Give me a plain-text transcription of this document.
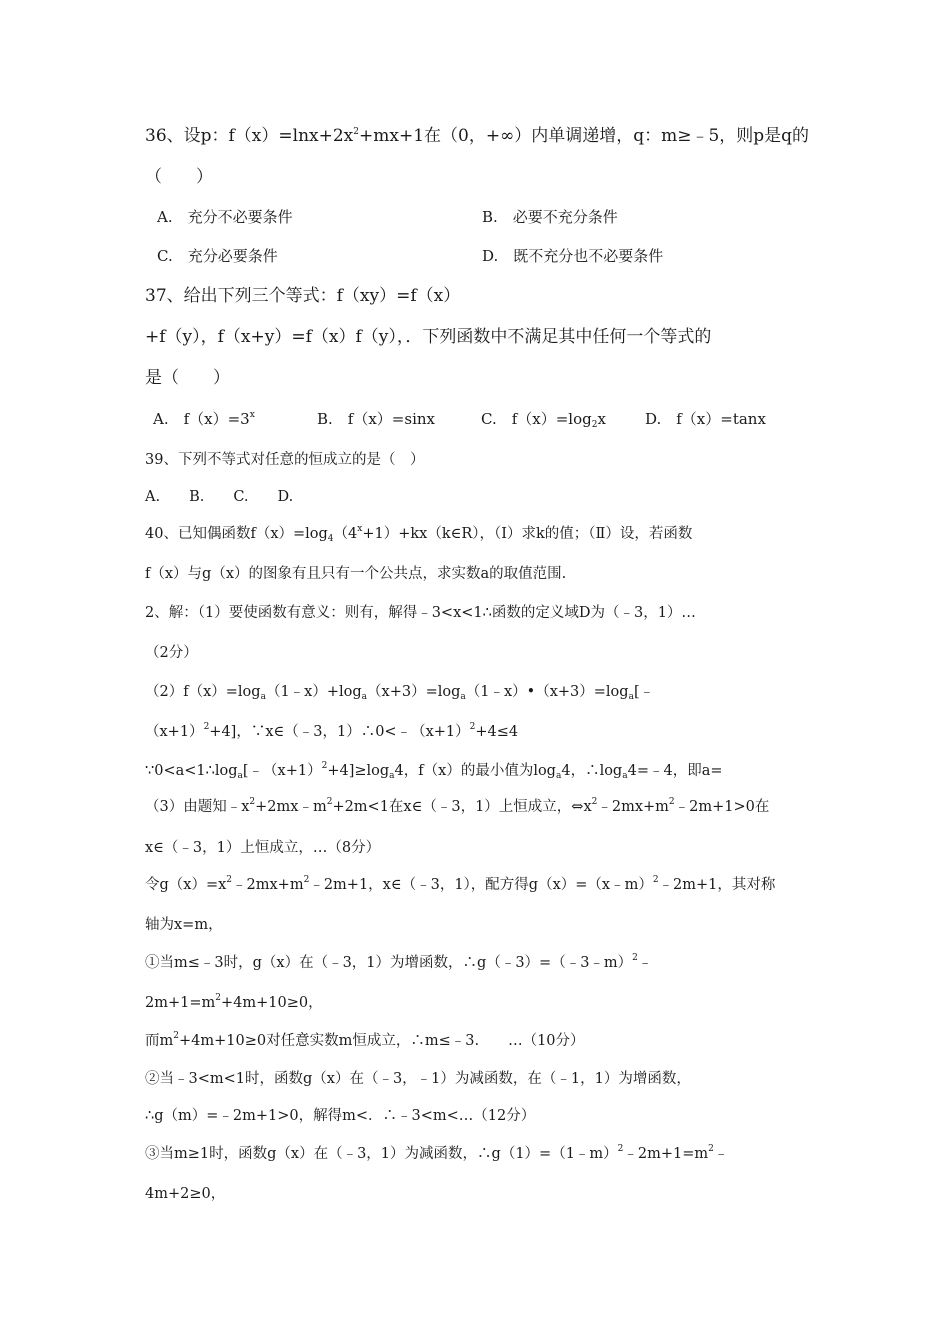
36、设p：$f(x)=\ln x+2x^2+mx+1$在（0，+∞）内单调递增，q：m≥﹣5，则p是q的
（　　）
A.　充分不必要条件	B.　必要不充分条件
C.　充分必要条件	D.　既不充分也不必要条件
37、给出下列三个等式：f（xy）=f（x）
+f（y），f（x+y）=f（x）f（y），．下列函数中不满足其中任何一个等式的
是（　　）
A.　$f(x)=3^x$	B.　f（x）=sinx	C.　$f(x)=\log_2x$	D.　f（x）=tanx
39、下列不等式对任意的恒成立的是（　）
A.　　B.　　C.　　D.
40、已知偶函数$f(x)=\log_4(4^x+1)+kx(k\in R)$，（Ⅰ）求k的值；（Ⅱ）设，若函数
f（x）与g（x）的图象有且只有一个公共点，求实数a的取值范围.
2、解：（1）要使函数有意义：则有，解得﹣3<x<1∴函数的定义域D为（﹣3，1）…
（2分）
$(2)f(x)=\log_a(1﹣x)+\log_a(x+3)=\log_a(1﹣x)•(x+3)=\log_a[﹣$
$(x+1)^2+4$]，∵x∈（﹣3，$1)\therefore 0<﹣(x+1)^2+4\le 4$
$\because 0<a<1\therefore\log_a[﹣(x+1)^2+4]\ge\log_a4$，f（x）的最小值为$\log_a4$，$\therefore\log_a4=﹣4$，即a=
（3）由题知$﹣x^2+2mx﹣m^2+2m<1$在x∈（﹣3，1）上恒成立，$\Leftrightarrow x^2﹣2mx+m^2﹣2m+1>0$在
x∈（﹣3，1）上恒成立，…（8分）
令$g(x)=x^2﹣2mx+m^2﹣2m+1$，x∈（﹣3，1），配方得g（x）=（x﹣m）$^2$﹣2m+1，其对称
轴为x=m，
①当m≤﹣3时，g（x）在（﹣3，1）为增函数，∴g（﹣3）=（﹣3﹣m）$^2$﹣
$2m+1=m^2+4m+10\ge 0$，
而$m^2+4m+10\ge 0$对任意实数m恒成立，∴m≤﹣3.　　…（10分）
②当﹣3<m<1时，函数g（x）在（﹣3，﹣1）为减函数，在（﹣1，1）为增函数，
∴g（m）=﹣2m+1>0，解得m<．∴﹣3<m<…（12分）
③当m≥1时，函数g（x）在（﹣3，1）为减函数，$\therefore g(1)=(1﹣m)^2﹣2m+1=m^2﹣$
4m+2≥0，
